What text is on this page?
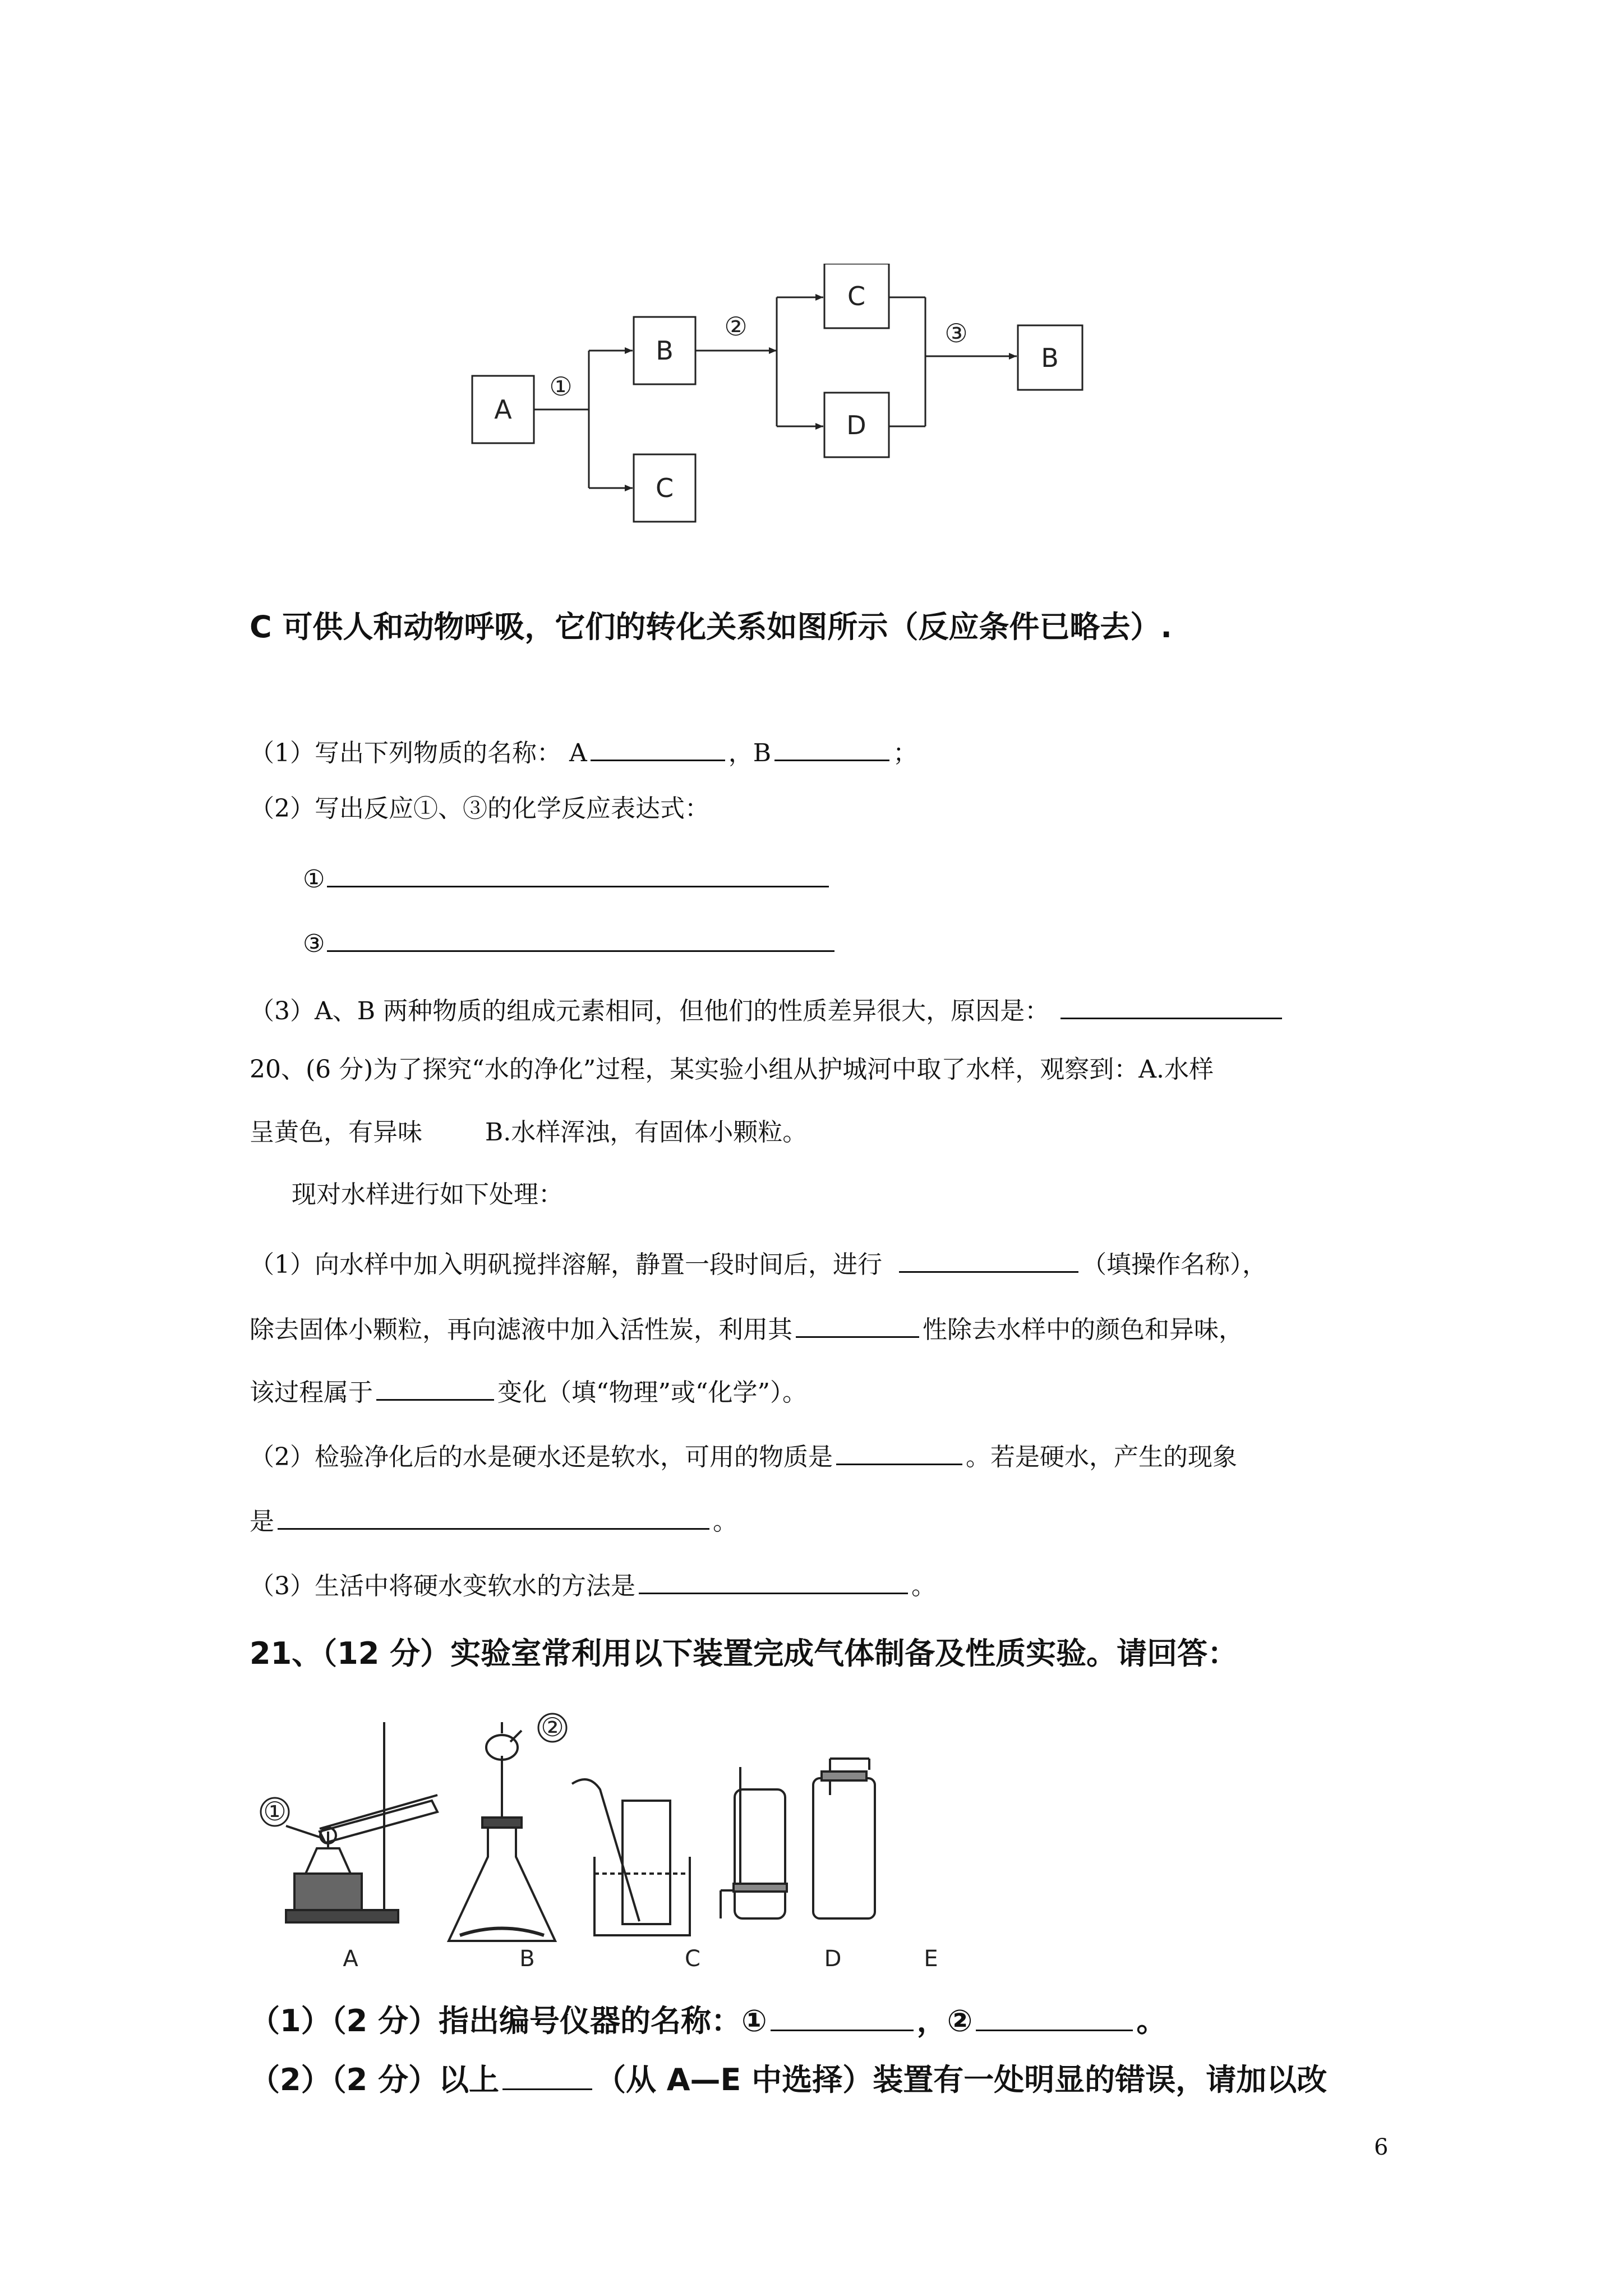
A
B
C
C
D
B
①
②	③
C 可供人和动物呼吸，它们的转化关系如图所示（反应条件已略去）.
（1）写出下列物质的名称： A	，B	；
（2）写出反应①、③的化学反应表达式：
①
③
（3）A、B 两种物质的组成元素相同，但他们的性质差异很大，原因是：
20、(6 分)为了探究“水的净化”过程，某实验小组从护城河中取了水样，观察到：A.水样
呈黄色，有异味        B.水样浑浊，有固体小颗粒。
现对水样进行如下处理：
（1）向水样中加入明矾搅拌溶解，静置一段时间后，进行	（填操作名称），
除去固体小颗粒，再向滤液中加入活性炭，利用其	性除去水样中的颜色和异味，
该过程属于	变化（填“物理”或“化学”）。
（2）检验净化后的水是硬水还是软水，可用的物质是	。若是硬水，产生的现象
是	。
（3）生活中将硬水变软水的方法是	。
21、（12 分）实验室常利用以下装置完成气体制备及性质实验。请回答：
①
②
A	B	C	D	E
（1）（2 分）指出编号仪器的名称：①	，②	。
（2）（2 分）以上	（从 A—E 中选择）装置有一处明显的错误，请加以改
6
